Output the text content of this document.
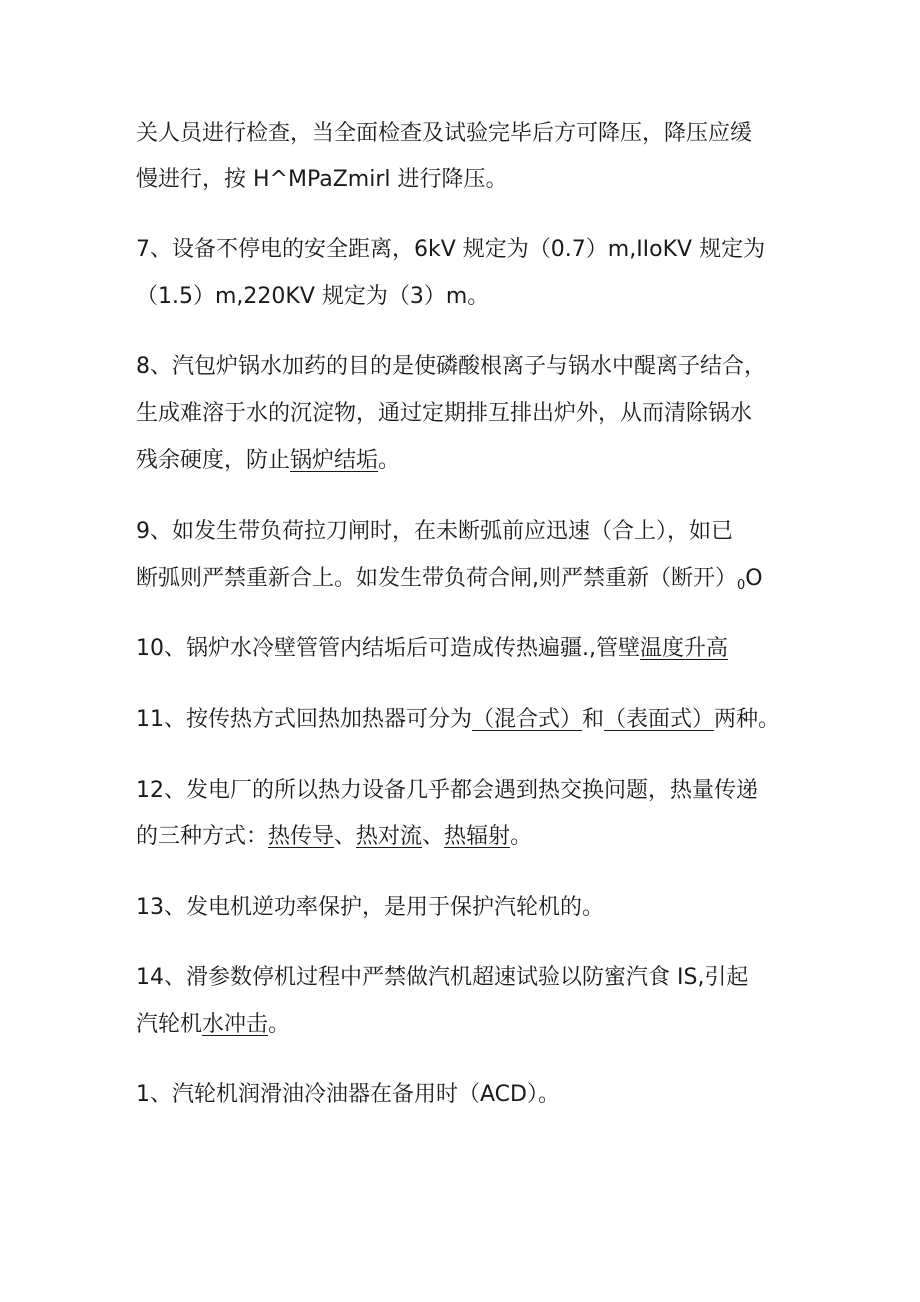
关人员进行检查，当全面检查及试验完毕后方可降压，降压应缓
慢进行，按 H^MPaZmirl 进行降压。
7、设备不停电的安全距离，6kV 规定为（0.7）m,IIoKV 规定为
（1.5）m,220KV 规定为（3）m。
8、汽包炉锅水加药的目的是使磷酸根离子与锅水中醍离子结合，
生成难溶于水的沉淀物，通过定期排互排出炉外，从而清除锅水
残余硬度，防止锅炉结垢。
9、如发生带负荷拉刀闸时，在未断弧前应迅速（合上），如已
断弧则严禁重新合上。如发生带负荷合闸,则严禁重新（断开）$_0O$
10、锅炉水冷壁管管内结垢后可造成传热遍疆.,管壁温度升高
11、按传热方式回热加热器可分为（混合式）和（表面式）两种。
12、发电厂的所以热力设备几乎都会遇到热交换问题，热量传递
的三种方式：热传导、热对流、热辐射。
13、发电机逆功率保护，是用于保护汽轮机的。
14、滑参数停机过程中严禁做汽机超速试验以防蜜汽食 IS,引起
汽轮机水冲击。
1、汽轮机润滑油冷油器在备用时（ACD）。
